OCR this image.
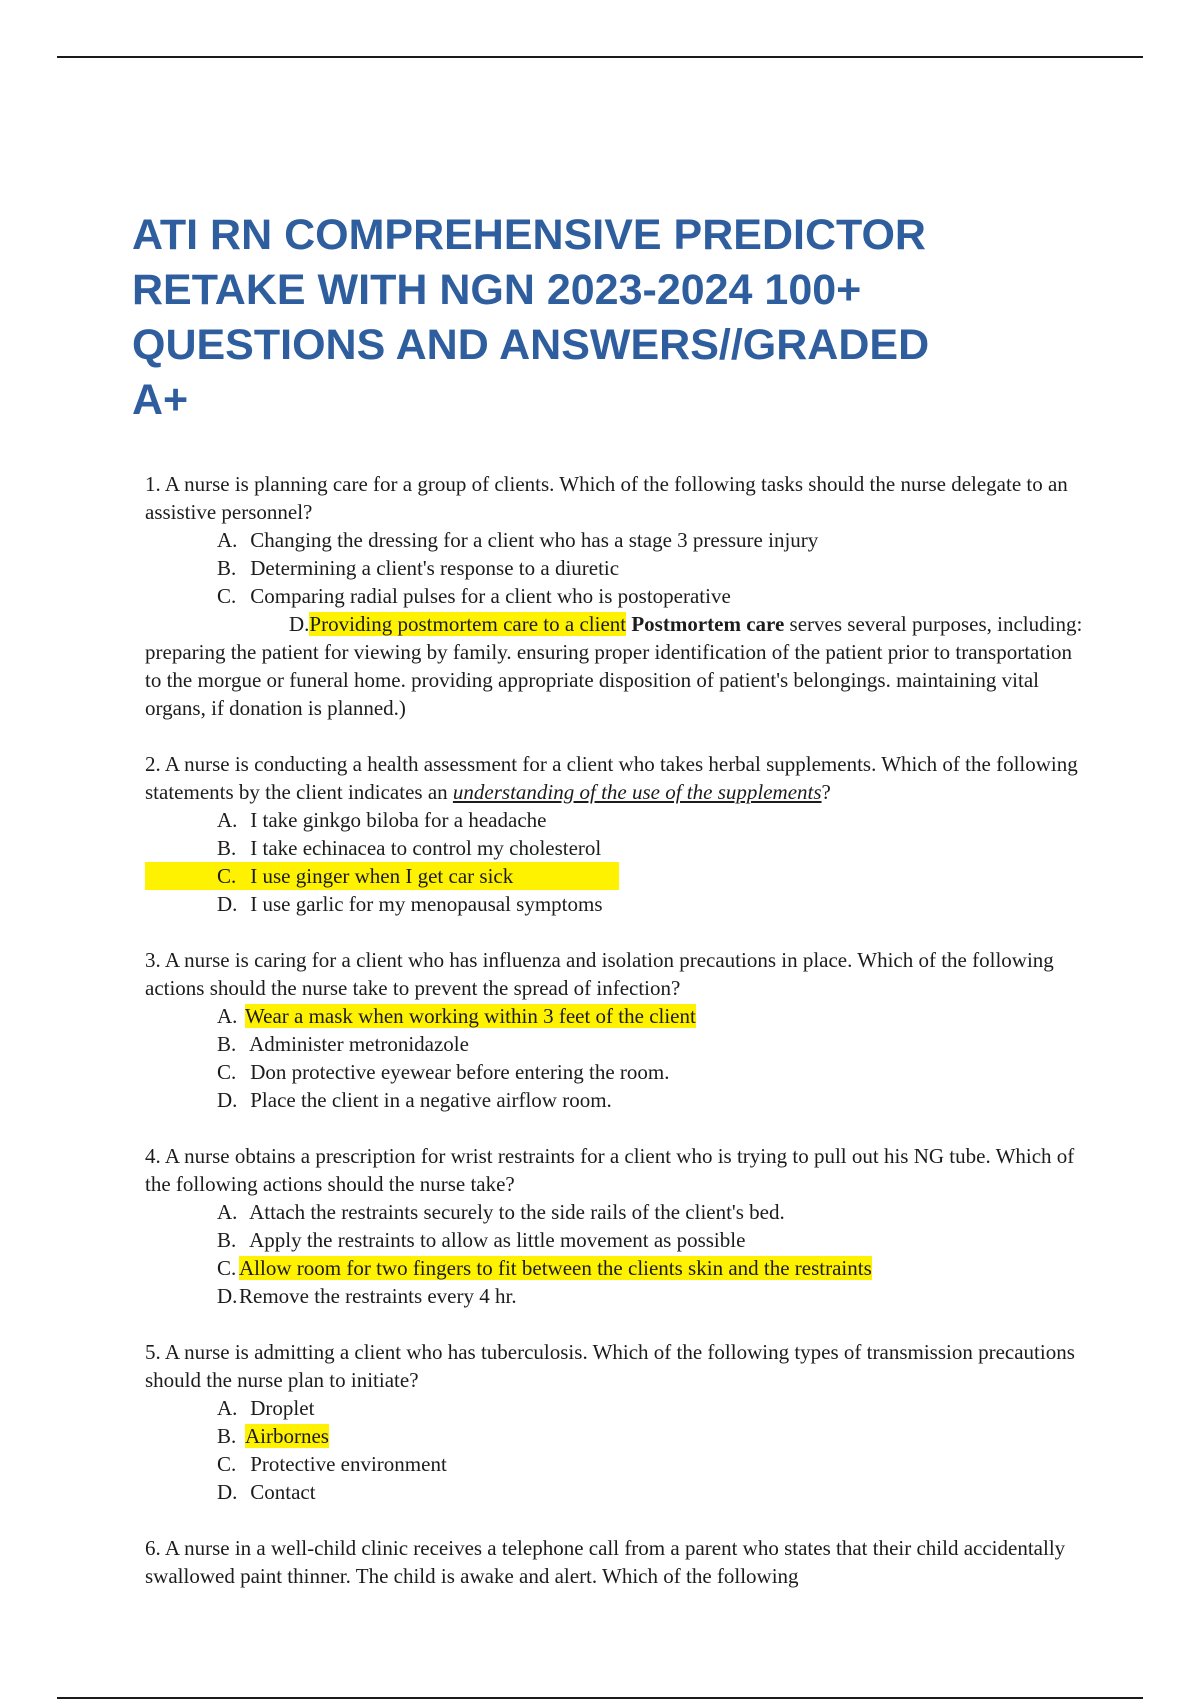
ATI RN COMPREHENSIVE PREDICTOR
RETAKE WITH NGN 2023-2024 100+
QUESTIONS AND ANSWERS//GRADED
A+

1. A nurse is planning care for a group of clients. Which of the following tasks should the nurse delegate to an assistive personnel?

A. Changing the dressing for a client who has a stage 3 pressure injury
B. Determining a client's response to a diuretic
C. Comparing radial pulses for a client who is postoperative
D.Providing postmortem care to a client Postmortem care serves several purposes, including: preparing the patient for viewing by family. ensuring proper identification of the patient prior to transportation to the morgue or funeral home. providing appropriate disposition of patient's belongings. maintaining vital organs, if donation is planned.)

2. A nurse is conducting a health assessment for a client who takes herbal supplements. Which of the following statements by the client indicates an understanding of the use of the supplements?

A. I take ginkgo biloba for a headache
B. I take echinacea to control my cholesterol
C. I use ginger when I get car sick
D. I use garlic for my menopausal symptoms

3. A nurse is caring for a client who has influenza and isolation precautions in place. Which of the following actions should the nurse take to prevent the spread of infection?

A. Wear a mask when working within 3 feet of the client
B. Administer metronidazole
C. Don protective eyewear before entering the room.
D. Place the client in a negative airflow room.

4. A nurse obtains a prescription for wrist restraints for a client who is trying to pull out his NG tube. Which of the following actions should the nurse take?

A. Attach the restraints securely to the side rails of the client's bed.
B. Apply the restraints to allow as little movement as possible
C. Allow room for two fingers to fit between the clients skin and the restraints
D.Remove the restraints every 4 hr.

5. A nurse is admitting a client who has tuberculosis. Which of the following types of transmission precautions should the nurse plan to initiate?

A. Droplet
B. Airbornes
C. Protective environment
D. Contact

6. A nurse in a well-child clinic receives a telephone call from a parent who states that their child accidentally swallowed paint thinner. The child is awake and alert. Which of the following
